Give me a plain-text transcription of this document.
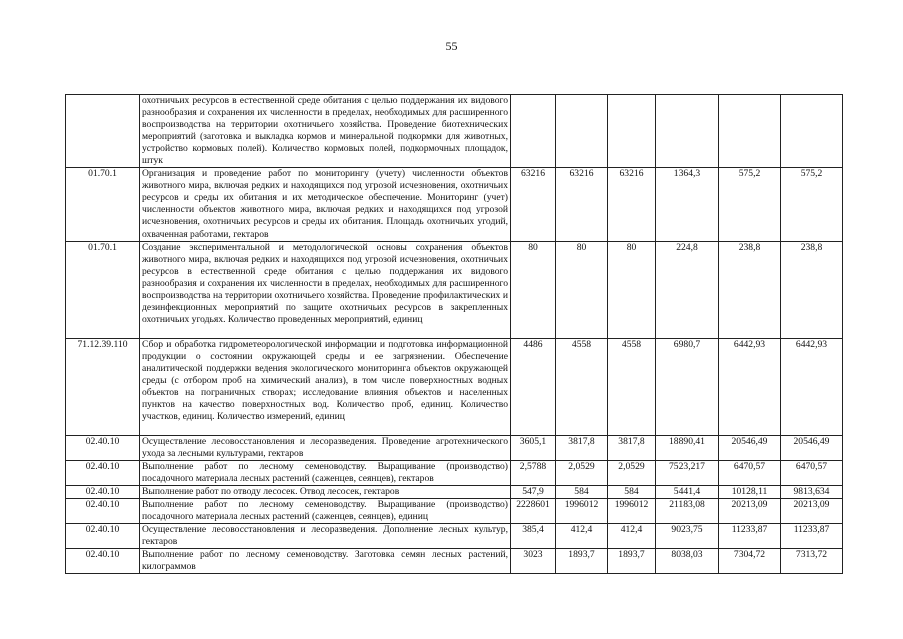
55
	охотничьих ресурсов в естественной среде обитания с целью поддержания их видового разнообразия и сохранения их численности в пределах, необходимых для расширенного воспроизводства на территории охотничьего хозяйства. Проведение биотехнических мероприятий (заготовка и выкладка кормов и минеральной подкормки для животных, устройство кормовых полей). Количество кормовых полей, подкормочных площадок, штук						
01.70.1	Организация и проведение работ по мониторингу (учету) численности объектов животного мира, включая редких и находящихся под угрозой исчезновения, охотничьих ресурсов и среды их обитания и их методическое обеспечение. Мониторинг (учет) численности объектов животного мира, включая редких и находящихся под угрозой исчезновения, охотничьих ресурсов и среды их обитания. Площадь охотничьих угодий, охваченная работами, гектаров	63216	63216	63216	1364,3	575,2	575,2
01.70.1	Создание экспериментальной и методологической основы сохранения объектов животного мира, включая редких и находящихся под угрозой исчезновения, охотничьих ресурсов в естественной среде обитания с целью поддержания их видового разнообразия и сохранения их численности в пределах, необходимых для расширенного воспроизводства на территории охотничьего хозяйства. Проведение профилактических и дезинфекционных мероприятий по защите охотничьих ресурсов в закрепленных охотничьих угодьях. Количество проведенных мероприятий, единиц	80	80	80	224,8	238,8	238,8
71.12.39.110	Сбор и обработка гидрометеорологической информации и подготовка информационной продукции о состоянии окружающей среды и ее загрязнении. Обеспечение аналитической поддержки ведения экологического мониторинга объектов окружающей среды (с отбором проб на химический анализ), в том числе поверхностных водных объектов на пограничных створах; исследование влияния объектов и населенных пунктов на качество поверхностных вод. Количество проб, единиц. Количество участков, единиц. Количество измерений, единиц	4486	4558	4558	6980,7	6442,93	6442,93
02.40.10	Осуществление лесовосстановления и лесоразведения. Проведение агротехнического ухода за лесными культурами, гектаров	3605,1	3817,8	3817,8	18890,41	20546,49	20546,49
02.40.10	Выполнение работ по лесному семеноводству. Выращивание (производство) посадочного материала лесных растений (саженцев, сеянцев), гектаров	2,5788	2,0529	2,0529	7523,217	6470,57	6470,57
02.40.10	Выполнение работ по отводу лесосек. Отвод лесосек, гектаров	547,9	584	584	5441,4	10128,11	9813,634
02.40.10	Выполнение работ по лесному семеноводству. Выращивание (производство) посадочного материала лесных растений (саженцев, сеянцев), единиц	2228601	1996012	1996012	21183,08	20213,09	20213,09
02.40.10	Осуществление лесовосстановления и лесоразведения. Дополнение лесных культур, гектаров	385,4	412,4	412,4	9023,75	11233,87	11233,87
02.40.10	Выполнение работ по лесному семеноводству. Заготовка семян лесных растений, килограммов	3023	1893,7	1893,7	8038,03	7304,72	7313,72
